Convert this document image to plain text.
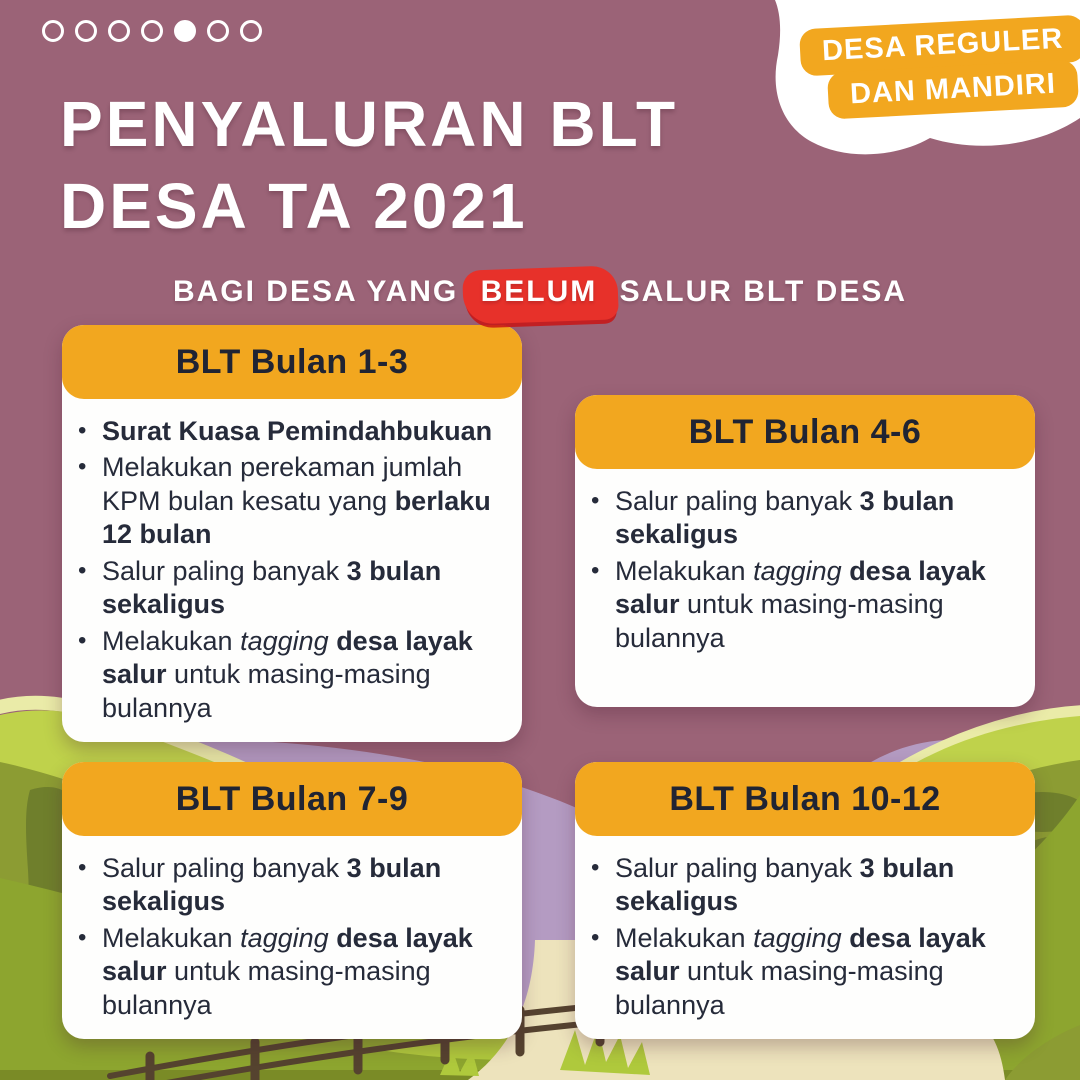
DESA REGULER
DAN MANDIRI
PENYALURAN BLT
DESA TA 2021
BAGI DESA YANG BELUM SALUR BLT DESA
BLT Bulan 1-3
• Surat Kuasa Pemindahbukuan
• Melakukan perekaman jumlah KPM bulan kesatu yang berlaku 12 bulan
• Salur paling banyak 3 bulan sekaligus
• Melakukan tagging desa layak salur untuk masing-masing bulannya
BLT Bulan 4-6
• Salur paling banyak 3 bulan sekaligus
• Melakukan tagging desa layak salur untuk masing-masing bulannya
BLT Bulan 7-9
• Salur paling banyak 3 bulan sekaligus
• Melakukan tagging desa layak salur untuk masing-masing bulannya
BLT Bulan 10-12
• Salur paling banyak 3 bulan sekaligus
• Melakukan tagging desa layak salur untuk masing-masing bulannya
